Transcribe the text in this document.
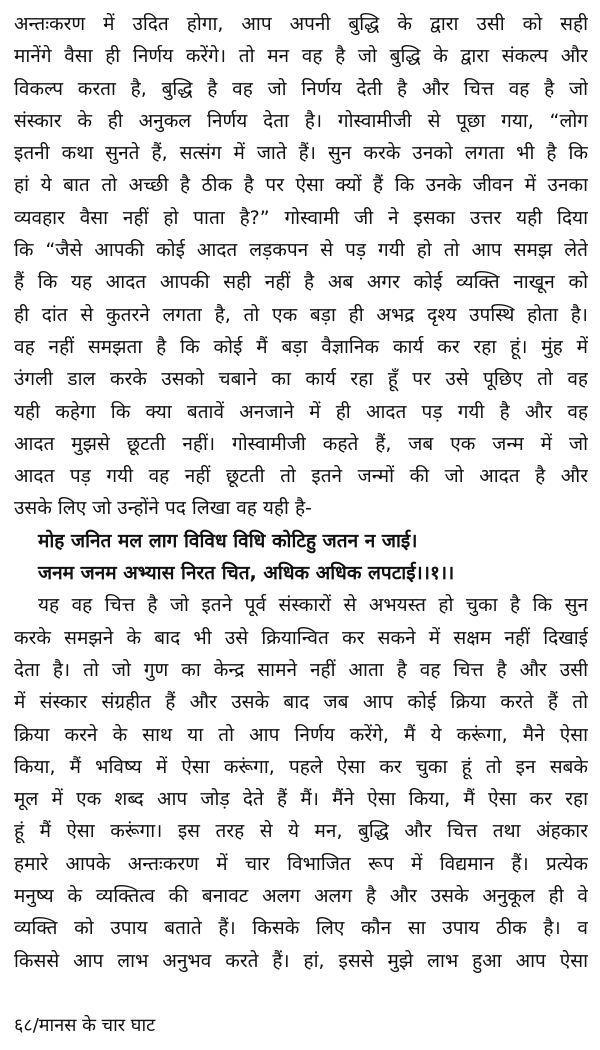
अन्तःकरण में उदित होगा, आप अपनी बुद्धि के द्वारा उसी को सही
मानेंगे वैसा ही निर्णय करेंगे। तो मन वह है जो बुद्धि के द्वारा संकल्प और
विकल्प करता है, बुद्धि है वह जो निर्णय देती है और चित्त वह है जो
संस्कार के ही अनुकल निर्णय देता है। गोस्वामीजी से पूछा गया, “लोग
इतनी कथा सुनते हैं, सत्संग में जाते हैं। सुन करके उनको लगता भी है कि
हां ये बात तो अच्छी है ठीक है पर ऐसा क्यों हैं कि उनके जीवन में उनका
व्यवहार वैसा नहीं हो पाता है?” गोस्वामी जी ने इसका उत्तर यही दिया
कि “जैसे आपकी कोई आदत लड़कपन से पड़ गयी हो तो आप समझ लेते
हैं कि यह आदत आपकी सही नहीं है अब अगर कोई व्यक्ति नाखून को
ही दांत से कुतरने लगता है, तो एक बड़ा ही अभद्र दृश्य उपस्थि होता है।
वह नहीं समझता है कि कोई मैं बड़ा वैज्ञानिक कार्य कर रहा हूं। मुंह में
उंगली डाल करके उसको चबाने का कार्य रहा हूँ पर उसे पूछिए तो वह
यही कहेगा कि क्या बतावें अनजाने में ही आदत पड़ गयी है और वह
आदत मुझसे छूटती नहीं। गोस्वामीजी कहते हैं, जब एक जन्म में जो
आदत पड़ गयी वह नहीं छूटती तो इतने जन्मों की जो आदत है और
उसके लिए जो उन्होंने पद लिखा वह यही है-
मोह जनित मल लाग विविध विधि कोटिहु जतन न जाई।
जनम जनम अभ्यास निरत चित, अधिक अधिक लपटाई।।१।।
यह वह चित्त है जो इतने पूर्व संस्कारों से अभयस्त हो चुका है कि सुन
करके समझने के बाद भी उसे क्रियान्वित कर सकने में सक्षम नहीं दिखाई
देता है। तो जो गुण का केन्द्र सामने नहीं आता है वह चित्त है और उसी
में संस्कार संग्रहीत हैं और उसके बाद जब आप कोई क्रिया करते हैं तो
क्रिया करने के साथ या तो आप निर्णय करेंगे, मैं ये करूंगा, मैने ऐसा
किया, मैं भविष्य में ऐसा करूंगा, पहले ऐसा कर चुका हूं तो इन सबके
मूल में एक शब्द आप जोड़ देते हैं मैं। मैंने ऐसा किया, मैं ऐसा कर रहा
हूं मैं ऐसा करूंगा। इस तरह से ये मन, बुद्धि और चित्त तथा अंहकार
हमारे आपके अन्तःकरण में चार विभाजित रूप में विद्यमान हैं। प्रत्येक
मनुष्य के व्यक्तित्व की बनावट अलग अलग है और उसके अनुकूल ही वे
व्यक्ति को उपाय बताते हैं। किसके लिए कौन सा उपाय ठीक है। व
किससे आप लाभ अनुभव करते हैं। हां, इससे मुझे लाभ हुआ आप ऐसा
६८/मानस के चार घाट
